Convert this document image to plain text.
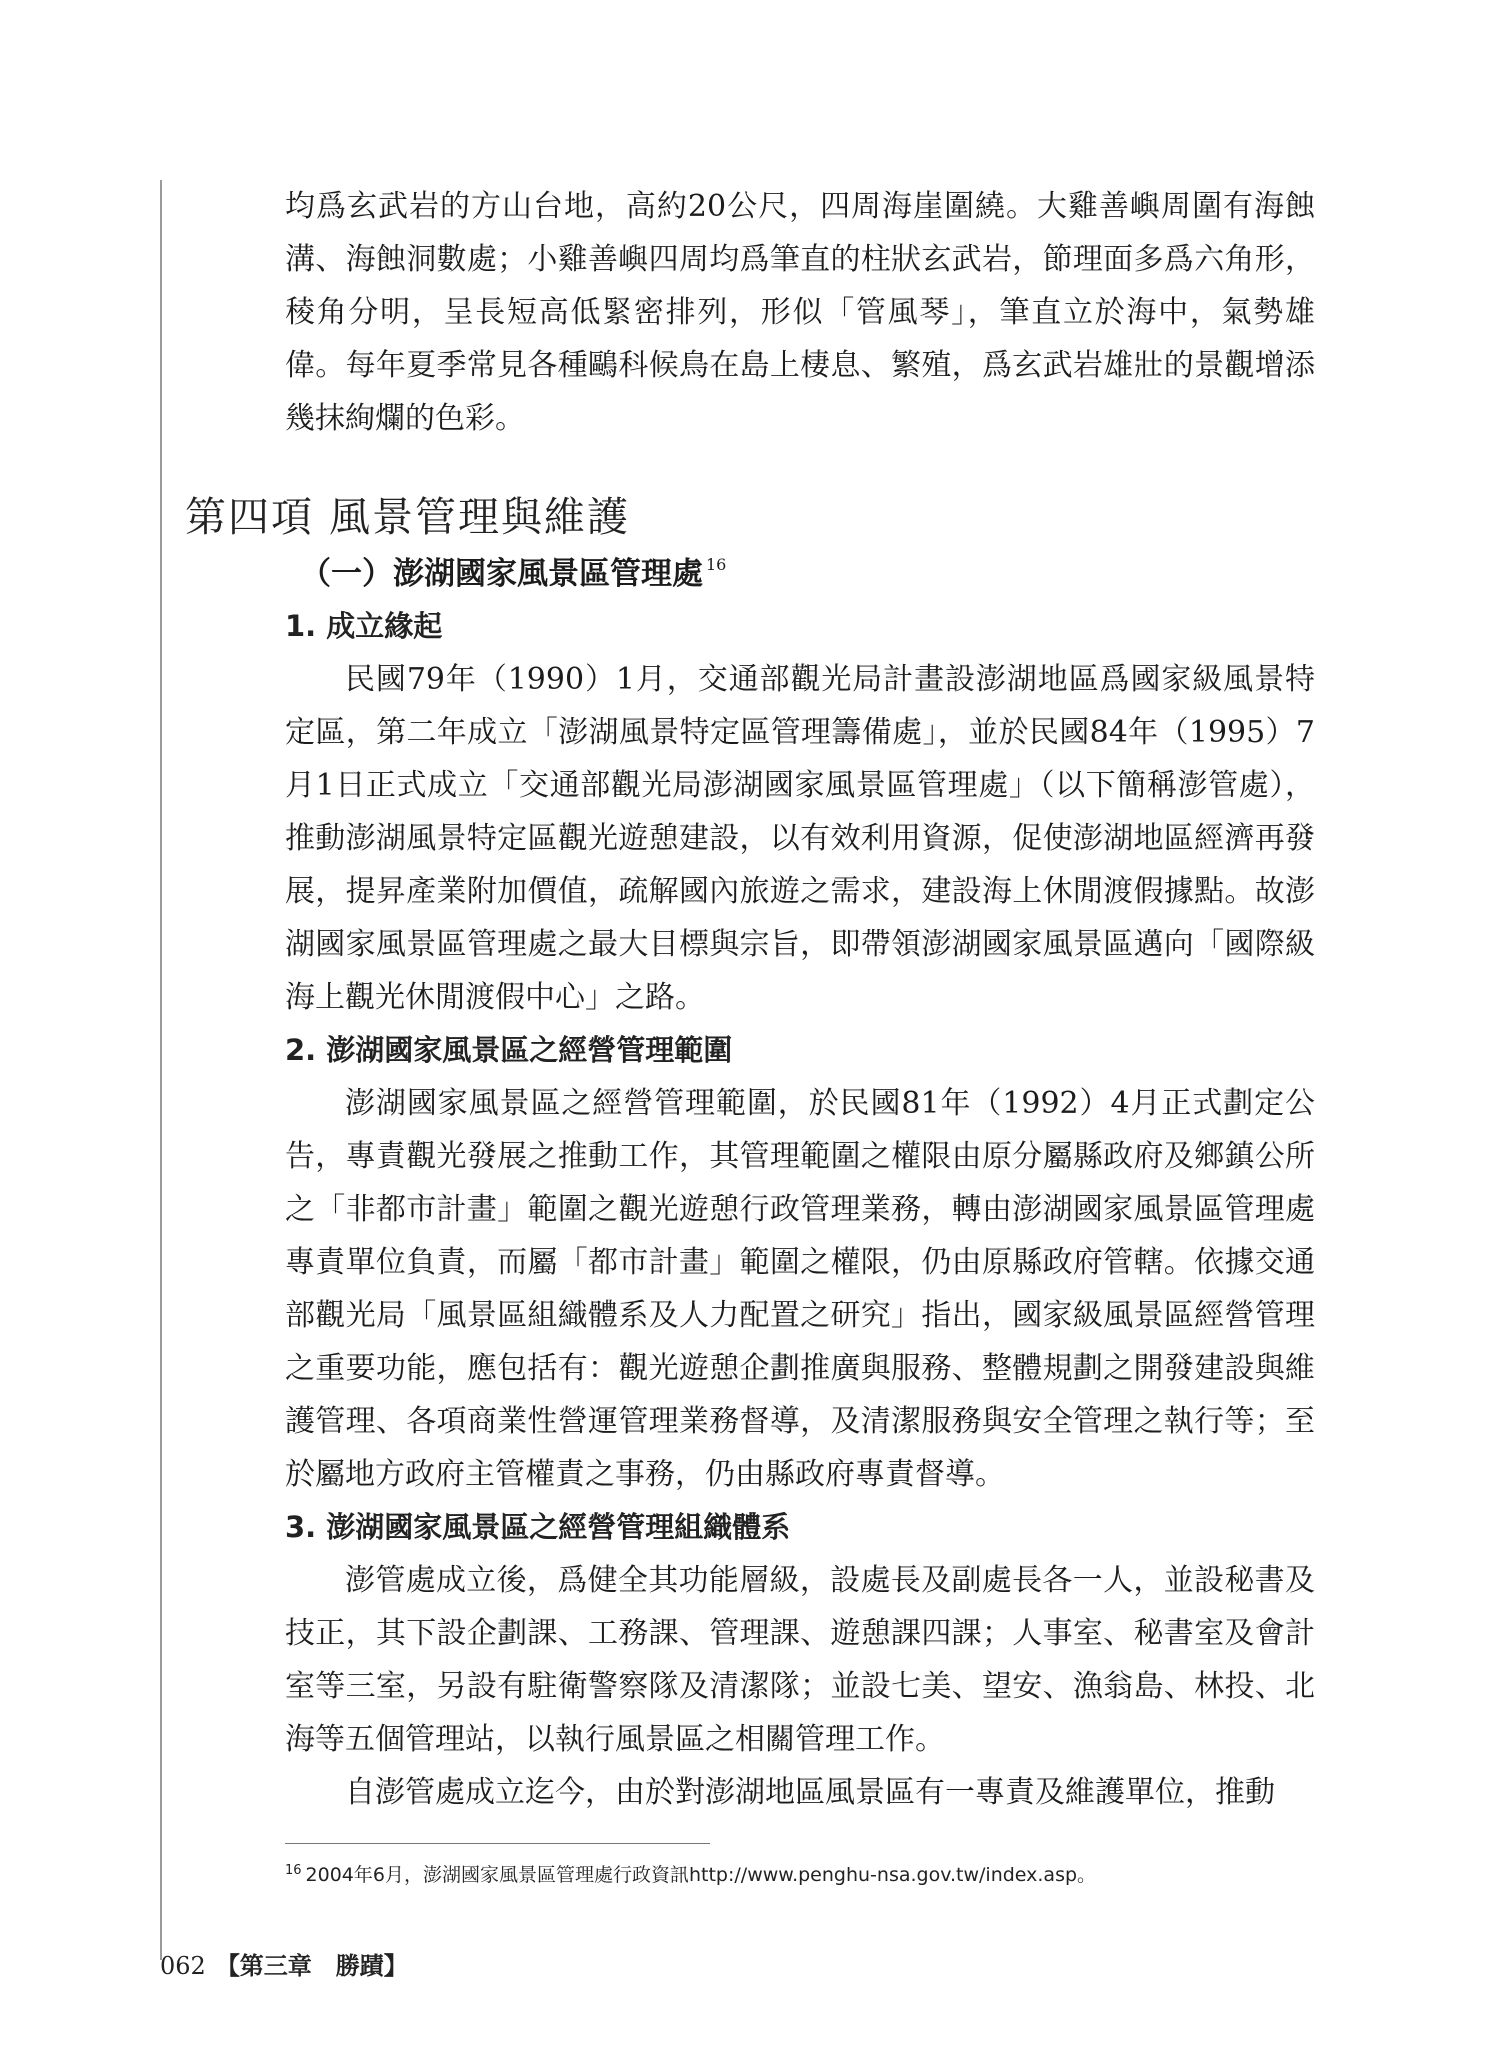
均爲玄武岩的方山台地，高約20公尺，四周海崖圍繞。大雞善嶼周圍有海蝕溝、海蝕洞數處；小雞善嶼四周均爲筆直的柱狀玄武岩，節理面多爲六角形，稜角分明，呈長短高低緊密排列，形似「管風琴」，筆直立於海中，氣勢雄偉。每年夏季常見各種鷗科候鳥在島上棲息、繁殖，爲玄武岩雄壯的景觀增添幾抹絢爛的色彩。

第四項 風景管理與維護
（一）澎湖國家風景區管理處 $^{16}$
1. 成立緣起

民國79年（1990）1月，交通部觀光局計畫設澎湖地區爲國家級風景特定區，第二年成立「澎湖風景特定區管理籌備處」，並於民國84年（1995）7月1日正式成立「交通部觀光局澎湖國家風景區管理處」（以下簡稱澎管處），推動澎湖風景特定區觀光遊憩建設，以有效利用資源，促使澎湖地區經濟再發展，提昇產業附加價值，疏解國內旅遊之需求，建設海上休閒渡假據點。故澎湖國家風景區管理處之最大目標與宗旨，即帶領澎湖國家風景區邁向「國際級海上觀光休閒渡假中心」之路。

2. 澎湖國家風景區之經營管理範圍

澎湖國家風景區之經營管理範圍，於民國81年（1992）4月正式劃定公告，專責觀光發展之推動工作，其管理範圍之權限由原分屬縣政府及鄉鎮公所之「非都市計畫」範圍之觀光遊憩行政管理業務，轉由澎湖國家風景區管理處專責單位負責，而屬「都市計畫」範圍之權限，仍由原縣政府管轄。依據交通部觀光局「風景區組織體系及人力配置之研究」指出，國家級風景區經營管理之重要功能，應包括有：觀光遊憩企劃推廣與服務、整體規劃之開發建設與維護管理、各項商業性營運管理業務督導，及清潔服務與安全管理之執行等；至於屬地方政府主管權責之事務，仍由縣政府專責督導。

3. 澎湖國家風景區之經營管理組織體系

澎管處成立後，爲健全其功能層級，設處長及副處長各一人，並設秘書及技正，其下設企劃課、工務課、管理課、遊憩課四課；人事室、秘書室及會計室等三室，另設有駐衛警察隊及清潔隊；並設七美、望安、漁翁島、林投、北海等五個管理站，以執行風景區之相關管理工作。

自澎管處成立迄今，由於對澎湖地區風景區有一專責及維護單位，推動

$^{16}$ 2004年6月，澎湖國家風景區管理處行政資訊http://www.penghu-nsa.gov.tw/index.asp。
062 【第三章　勝蹟】
